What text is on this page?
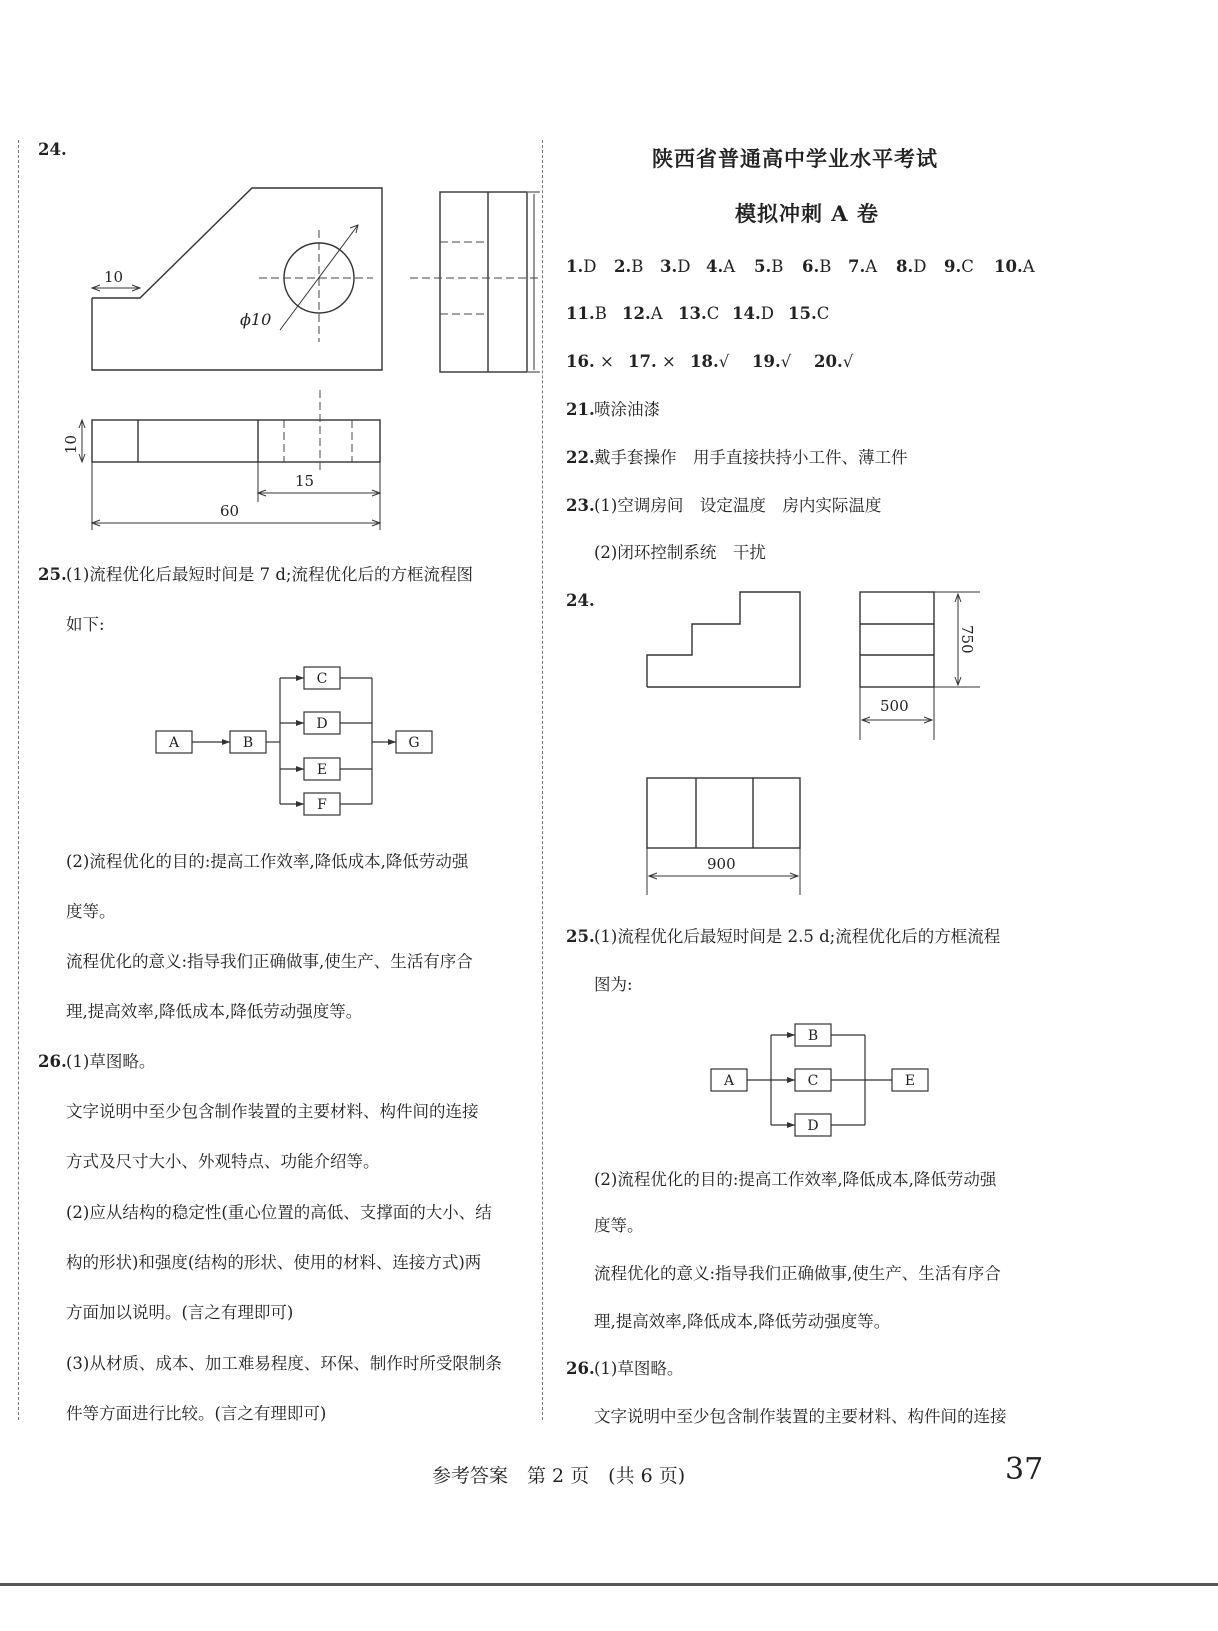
24.
10
ϕ10
10
15
60
25. (1)流程优化后最短时间是 7 d;流程优化后的方框流程图
如下:
A	B
C
D
E
F
G
(2)流程优化的目的:提高工作效率,降低成本,降低劳动强
度等。
流程优化的意义:指导我们正确做事,使生产、生活有序合
理,提高效率,降低成本,降低劳动强度等。
26. (1)草图略。
文字说明中至少包含制作装置的主要材料、构件间的连接
方式及尺寸大小、外观特点、功能介绍等。
(2)应从结构的稳定性(重心位置的高低、支撑面的大小、结
构的形状)和强度(结构的形状、使用的材料、连接方式)两
方面加以说明。(言之有理即可)
(3)从材质、成本、加工难易程度、环保、制作时所受限制条
件等方面进行比较。(言之有理即可)
陕西省普通高中学业水平考试
模拟冲刺 A 卷
1.D 2.B 3.D 4.A 5.B 6.B 7.A 8.D 9.C 10.A
11.B 12.A 13.C 14.D 15.C
16. × 17. × 18.√ 19.√ 20.√
21. 喷涂油漆
22. 戴手套操作　用手直接扶持小工件、薄工件
23. (1)空调房间　设定温度　房内实际温度
(2)闭环控制系统　干扰
24.
750
500
900
25. (1)流程优化后最短时间是 2.5 d;流程优化后的方框流程
图为:
A
B
C
D
E
(2)流程优化的目的:提高工作效率,降低成本,降低劳动强
度等。
流程优化的意义:指导我们正确做事,使生产、生活有序合
理,提高效率,降低成本,降低劳动强度等。
26. (1)草图略。
文字说明中至少包含制作装置的主要材料、构件间的连接
参考答案　第 2 页　(共 6 页)	37
